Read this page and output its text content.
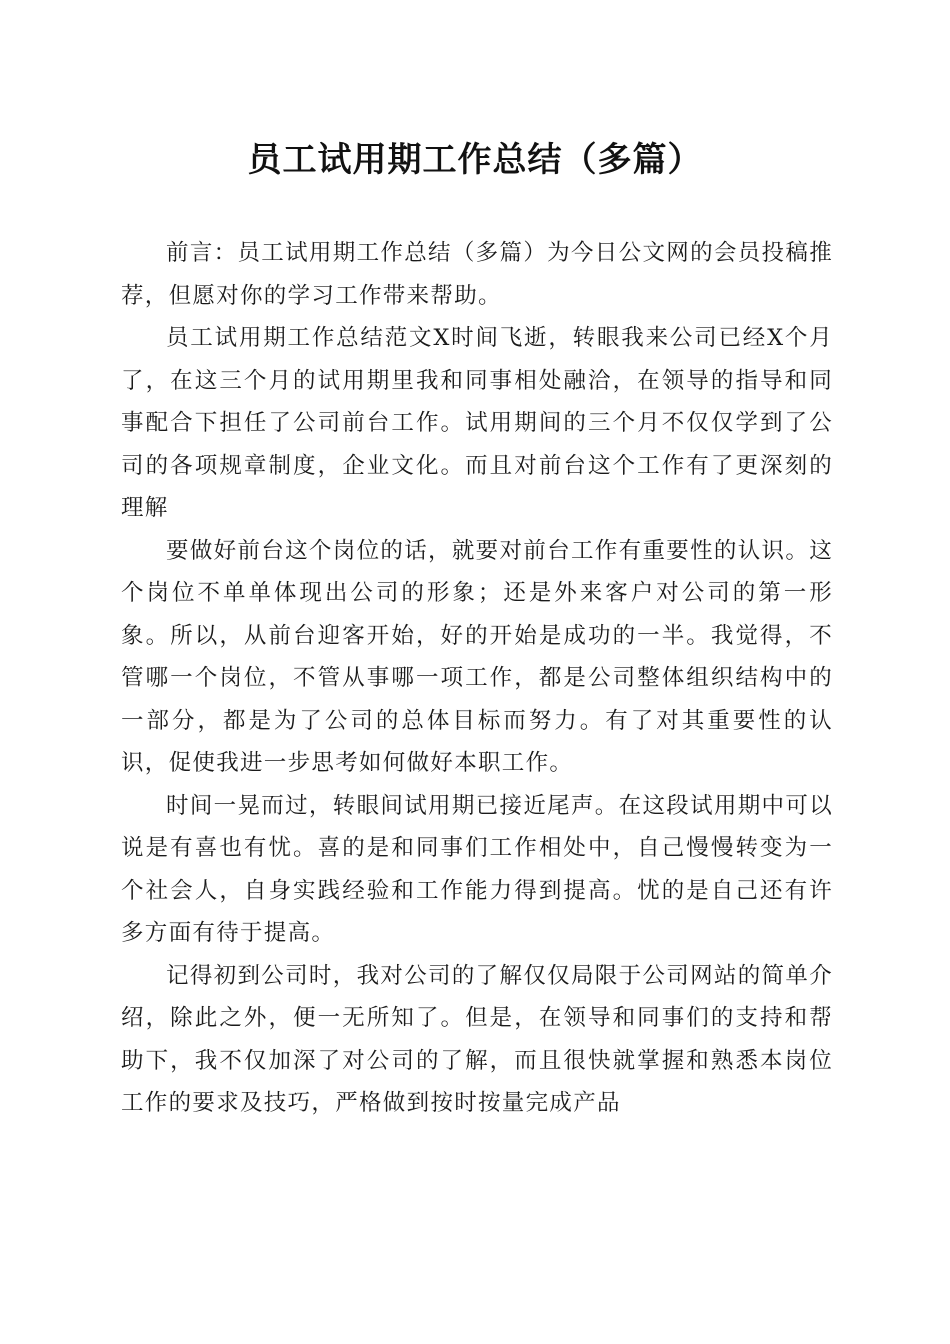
员工试用期工作总结（多篇）

前言：员工试用期工作总结（多篇）为今日公文网的会员投稿推荐，但愿对你的学习工作带来帮助。

员工试用期工作总结范文X时间飞逝，转眼我来公司已经X个月了，在这三个月的试用期里我和同事相处融洽，在领导的指导和同事配合下担任了公司前台工作。试用期间的三个月不仅仅学到了公司的各项规章制度，企业文化。而且对前台这个工作有了更深刻的理解

要做好前台这个岗位的话，就要对前台工作有重要性的认识。这个岗位不单单体现出公司的形象；还是外来客户对公司的第一形象。所以，从前台迎客开始，好的开始是成功的一半。我觉得，不管哪一个岗位，不管从事哪一项工作，都是公司整体组织结构中的一部分，都是为了公司的总体目标而努力。有了对其重要性的认识，促使我进一步思考如何做好本职工作。

时间一晃而过，转眼间试用期已接近尾声。在这段试用期中可以说是有喜也有忧。喜的是和同事们工作相处中，自己慢慢转变为一个社会人，自身实践经验和工作能力得到提高。忧的是自己还有许多方面有待于提高。

记得初到公司时，我对公司的了解仅仅局限于公司网站的简单介绍，除此之外，便一无所知了。但是，在领导和同事们的支持和帮助下，我不仅加深了对公司的了解，而且很快就掌握和熟悉本岗位工作的要求及技巧，严格做到按时按量完成产品
